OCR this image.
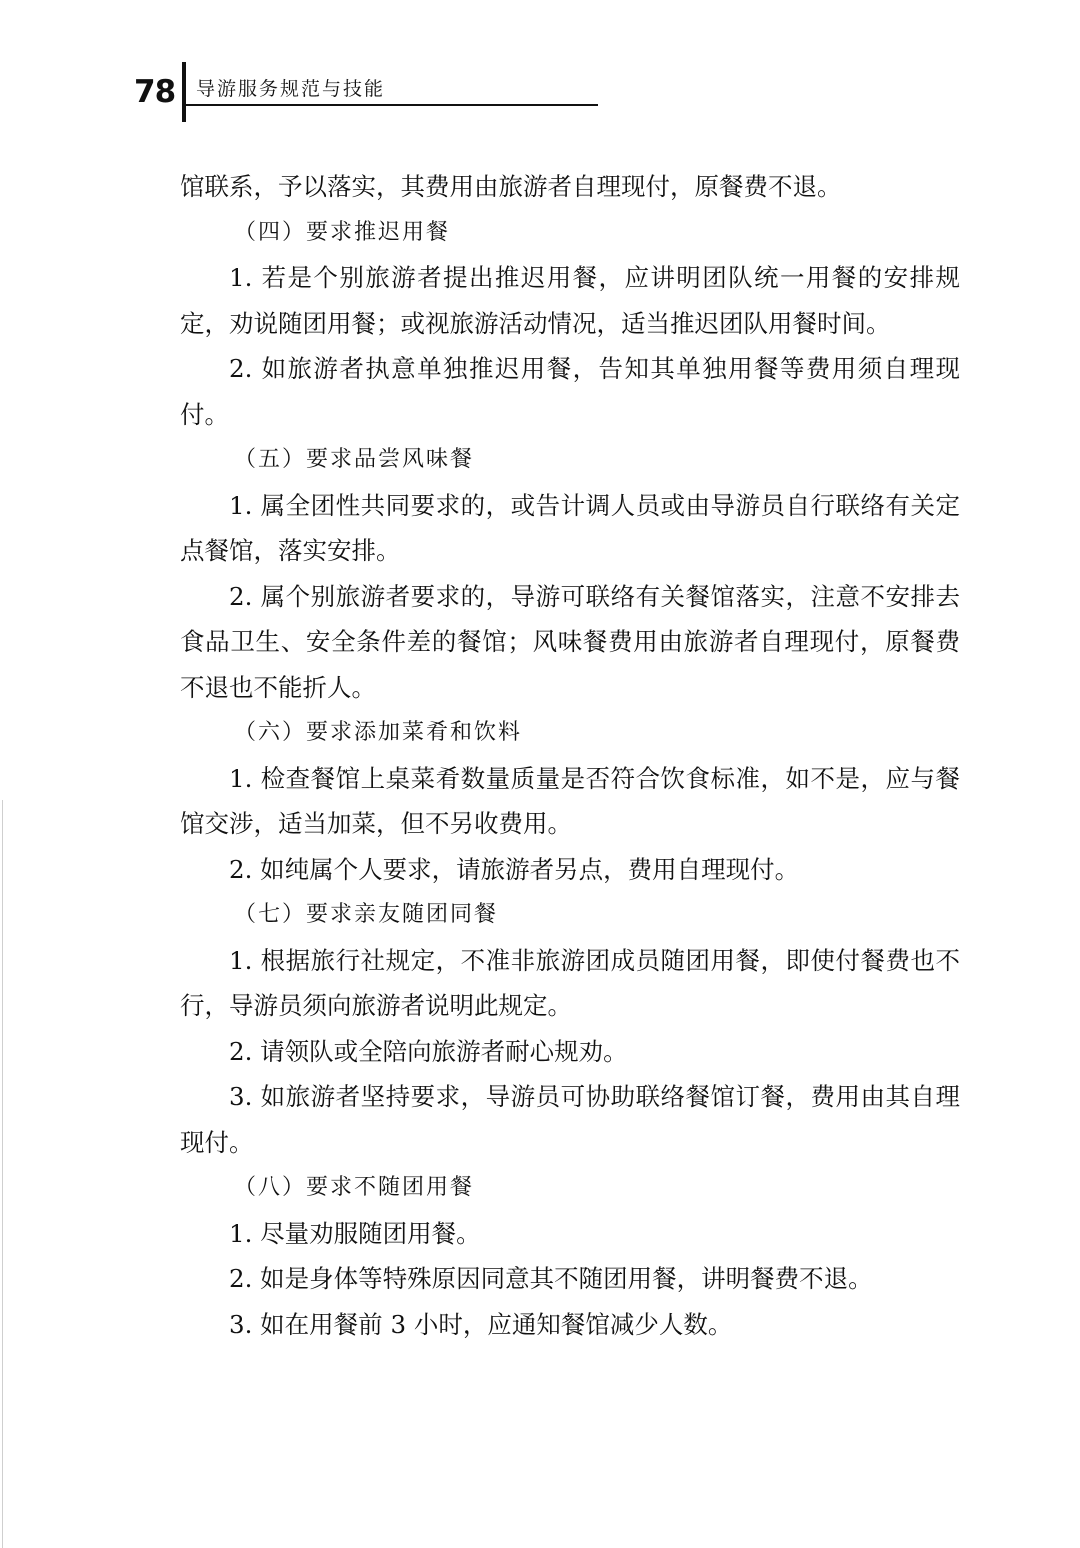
78 导游服务规范与技能

馆联系，予以落实，其费用由旅游者自理现付，原餐费不退。

（四）要求推迟用餐

1. 若是个别旅游者提出推迟用餐，应讲明团队统一用餐的安排规定，劝说随团用餐；或视旅游活动情况，适当推迟团队用餐时间。

2. 如旅游者执意单独推迟用餐，告知其单独用餐等费用须自理现付。

（五）要求品尝风味餐

1. 属全团性共同要求的，或告计调人员或由导游员自行联络有关定点餐馆，落实安排。

2. 属个别旅游者要求的，导游可联络有关餐馆落实，注意不安排去食品卫生、安全条件差的餐馆；风味餐费用由旅游者自理现付，原餐费不退也不能折人。

（六）要求添加菜肴和饮料

1. 检查餐馆上桌菜肴数量质量是否符合饮食标准，如不是，应与餐馆交涉，适当加菜，但不另收费用。

2. 如纯属个人要求，请旅游者另点，费用自理现付。

（七）要求亲友随团同餐

1. 根据旅行社规定，不准非旅游团成员随团用餐，即使付餐费也不行，导游员须向旅游者说明此规定。

2. 请领队或全陪向旅游者耐心规劝。

3. 如旅游者坚持要求，导游员可协助联络餐馆订餐，费用由其自理现付。

（八）要求不随团用餐

1. 尽量劝服随团用餐。

2. 如是身体等特殊原因同意其不随团用餐，讲明餐费不退。

3. 如在用餐前 3 小时，应通知餐馆减少人数。
